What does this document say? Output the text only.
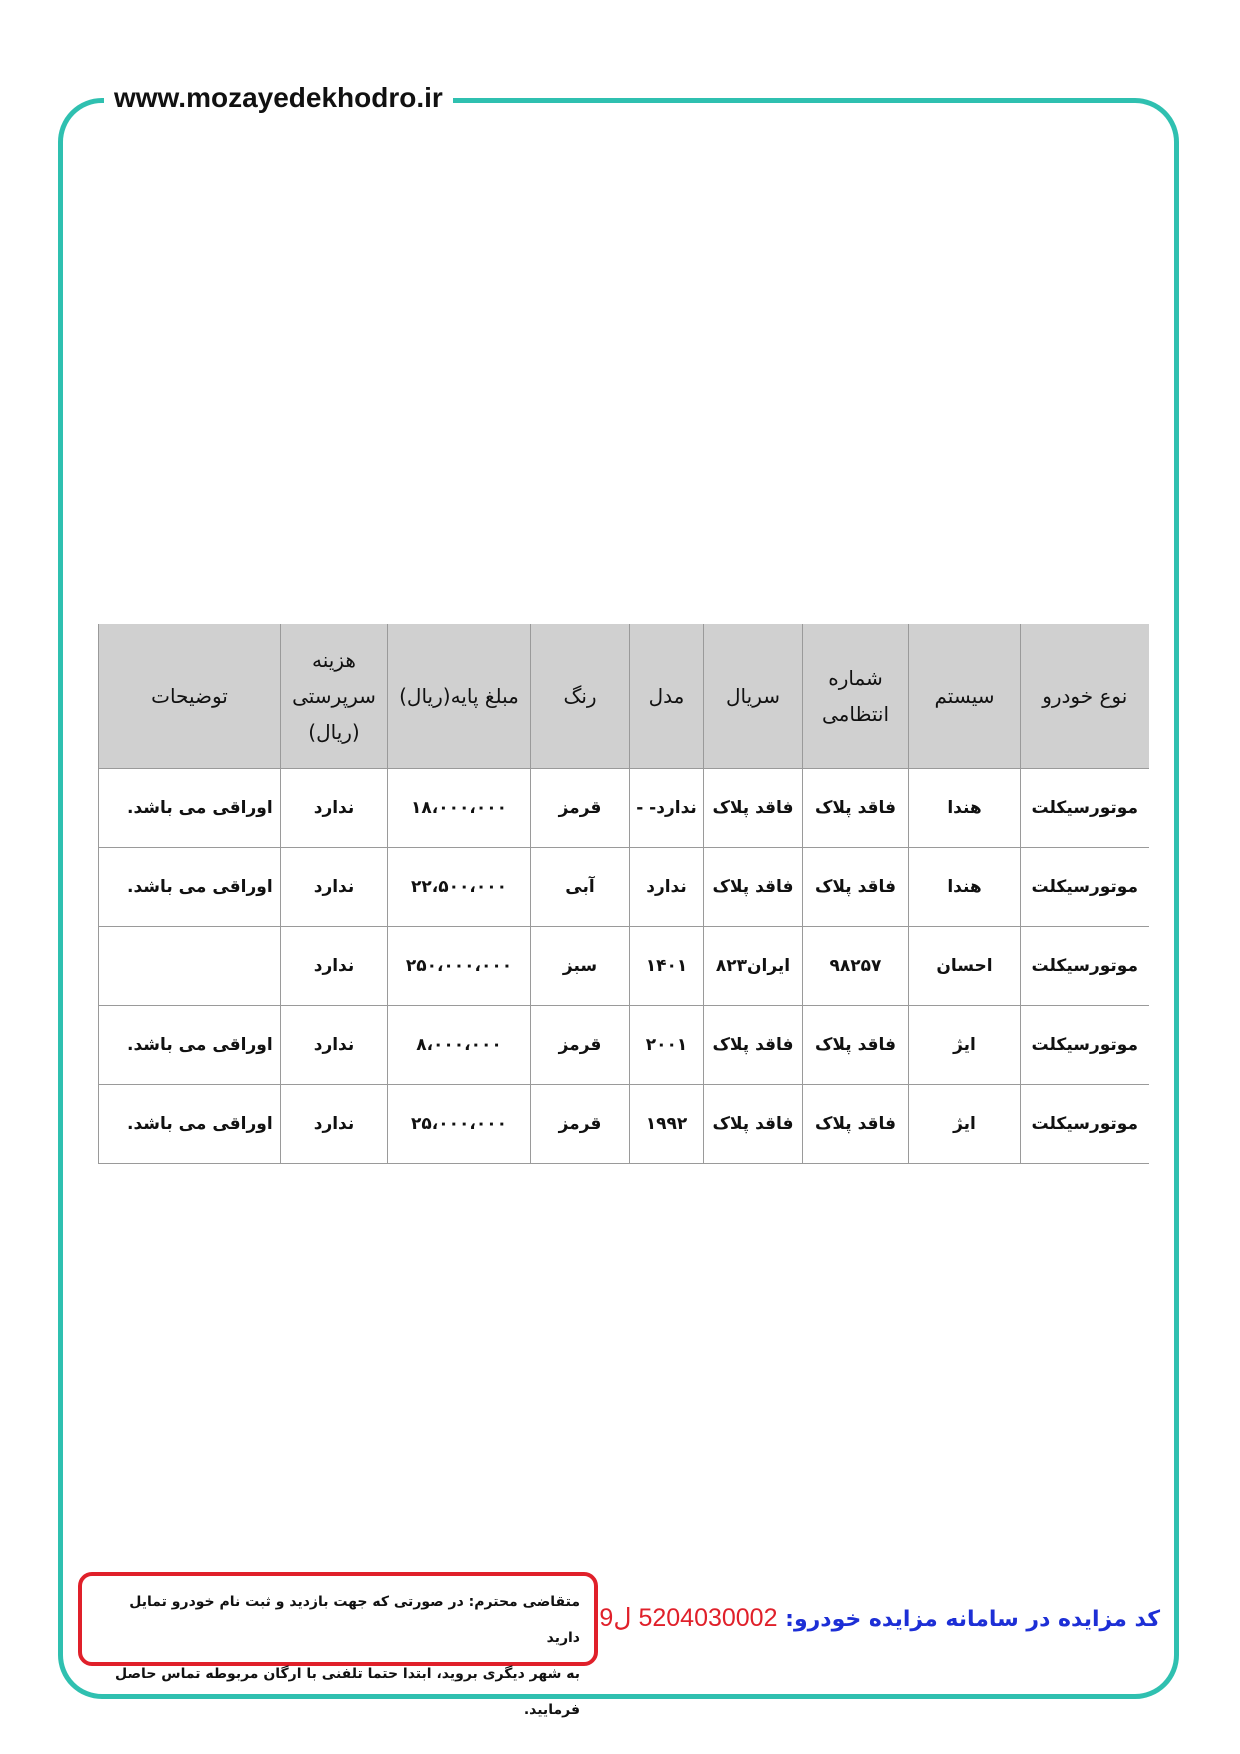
www.mozayedekhodro.ir
نوع خودرو	سیستم	شماره انتظامی	سریال	مدل	رنگ	مبلغ پایه(ریال)	هزینه سرپرستی (ریال)	توضیحات
موتورسیکلت	هندا	فاقد پلاک	فاقد پلاک	ندارد- -	قرمز	۱۸،۰۰۰،۰۰۰	ندارد	اوراقی می باشد.
موتورسیکلت	هندا	فاقد پلاک	فاقد پلاک	ندارد	آبی	۲۲،۵۰۰،۰۰۰	ندارد	اوراقی می باشد.
موتورسیکلت	احسان	۹۸۲۵۷	ایران۸۲۳	۱۴۰۱	سبز	۲۵۰،۰۰۰،۰۰۰	ندارد	
موتورسیکلت	ایژ	فاقد پلاک	فاقد پلاک	۲۰۰۱	قرمز	۸،۰۰۰،۰۰۰	ندارد	اوراقی می باشد.
موتورسیکلت	ایژ	فاقد پلاک	فاقد پلاک	۱۹۹۲	قرمز	۲۵،۰۰۰،۰۰۰	ندارد	اوراقی می باشد.
کد مزایده در سامانه مزایده خودرو: 5204030002 ل9
متقاضی محترم: در صورتی که جهت بازدید و ثبت نام خودرو تمایل دارید
به شهر دیگری بروید، ابتدا حتما تلفنی با ارگان مربوطه تماس حاصل فرمایید.
